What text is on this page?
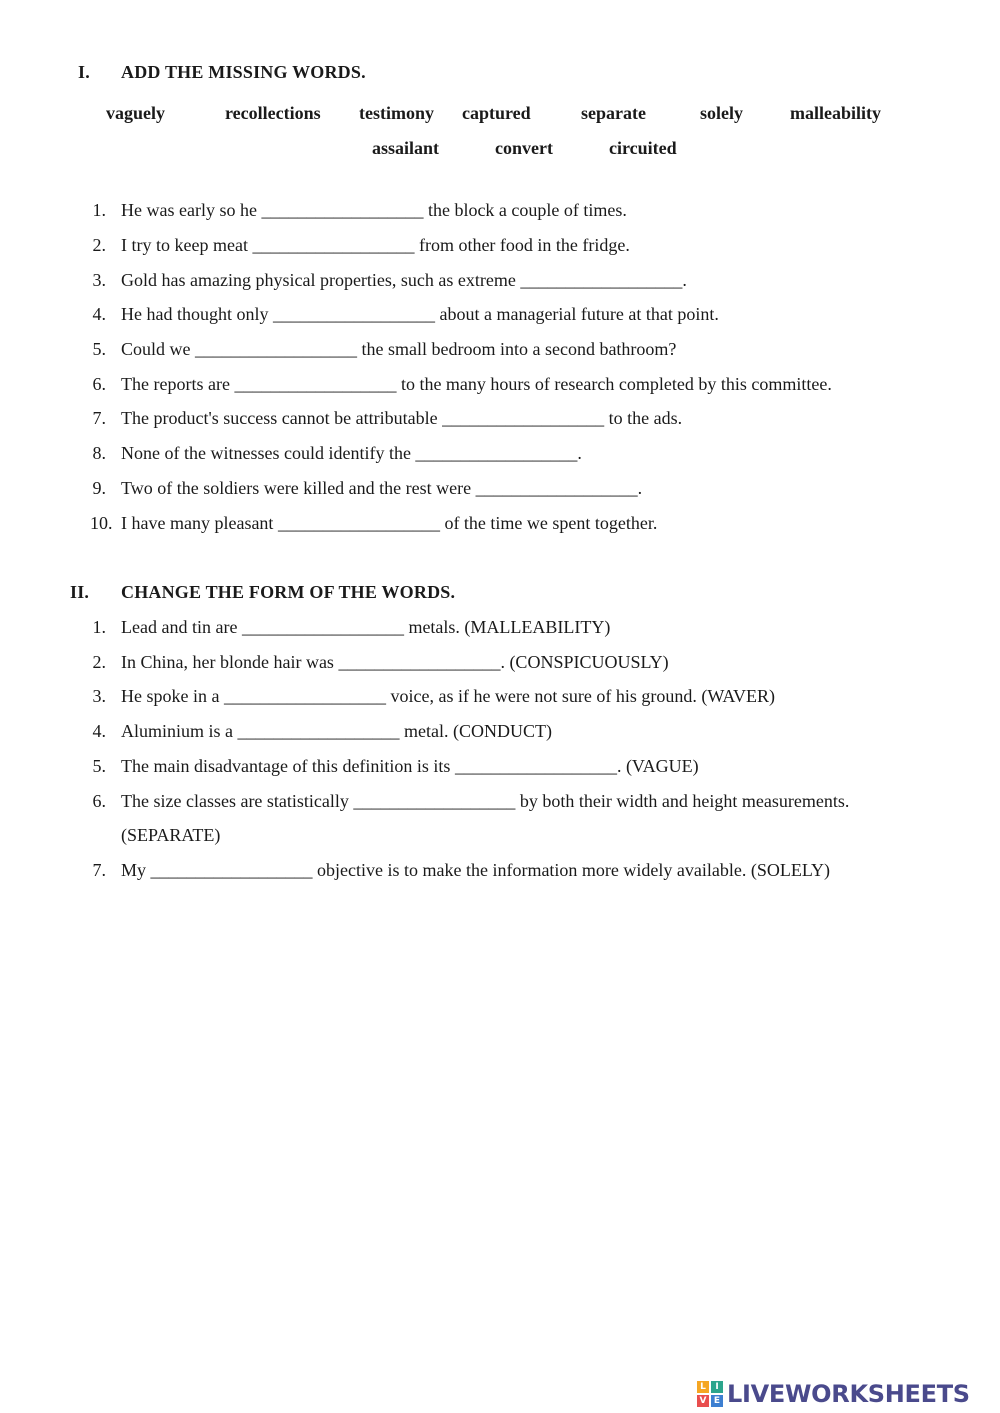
I. ADD THE MISSING WORDS.
vaguely	recollections testimony captured	separate	solely	malleability
assailant	convert	circuited
1. He was early so he __________________ the block a couple of times.
2. I try to keep meat __________________ from other food in the fridge.
3. Gold has amazing physical properties, such as extreme __________________.
4. He had thought only __________________ about a managerial future at that point.
5. Could we __________________ the small bedroom into a second bathroom?
6. The reports are __________________ to the many hours of research completed by this committee.
7. The product's success cannot be attributable __________________ to the ads.
8. None of the witnesses could identify the __________________.
9. Two of the soldiers were killed and the rest were __________________.
10. I have many pleasant __________________ of the time we spent together.
II. CHANGE THE FORM OF THE WORDS.
1. Lead and tin are __________________ metals. (MALLEABILITY)
2. In China, her blonde hair was __________________. (CONSPICUOUSLY)
3. He spoke in a __________________ voice, as if he were not sure of his ground. (WAVER)
4. Aluminium is a __________________ metal. (CONDUCT)
5. The main disadvantage of this definition is its __________________. (VAGUE)
6. The size classes are statistically __________________ by both their width and height measurements.
(SEPARATE)
7. My __________________ objective is to make the information more widely available. (SOLELY)
L	I
V E LIVEWORKSHEETS
